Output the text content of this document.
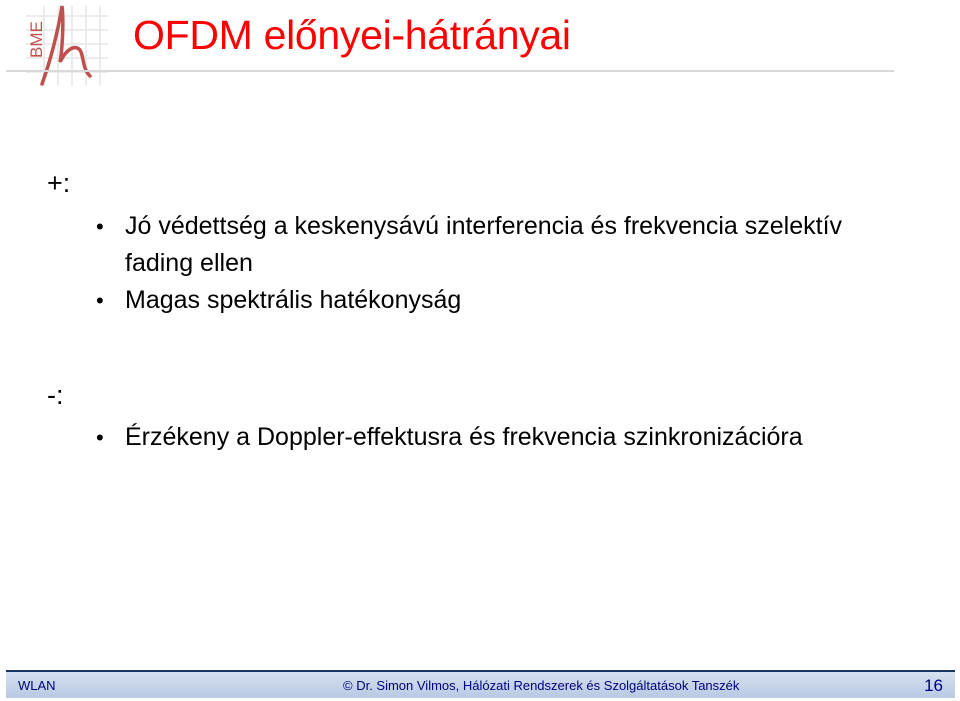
BME OFDM előnyei-hátrányai
+:
• Jó védettség a keskenysávú interferencia és frekvencia szelektív fading ellen
• Magas spektrális hatékonyság
-:
• Érzékeny a Doppler-effektusra és frekvencia szinkronizációra
WLAN	© Dr. Simon Vilmos, Hálózati Rendszerek és Szolgáltatások Tanszék	16
